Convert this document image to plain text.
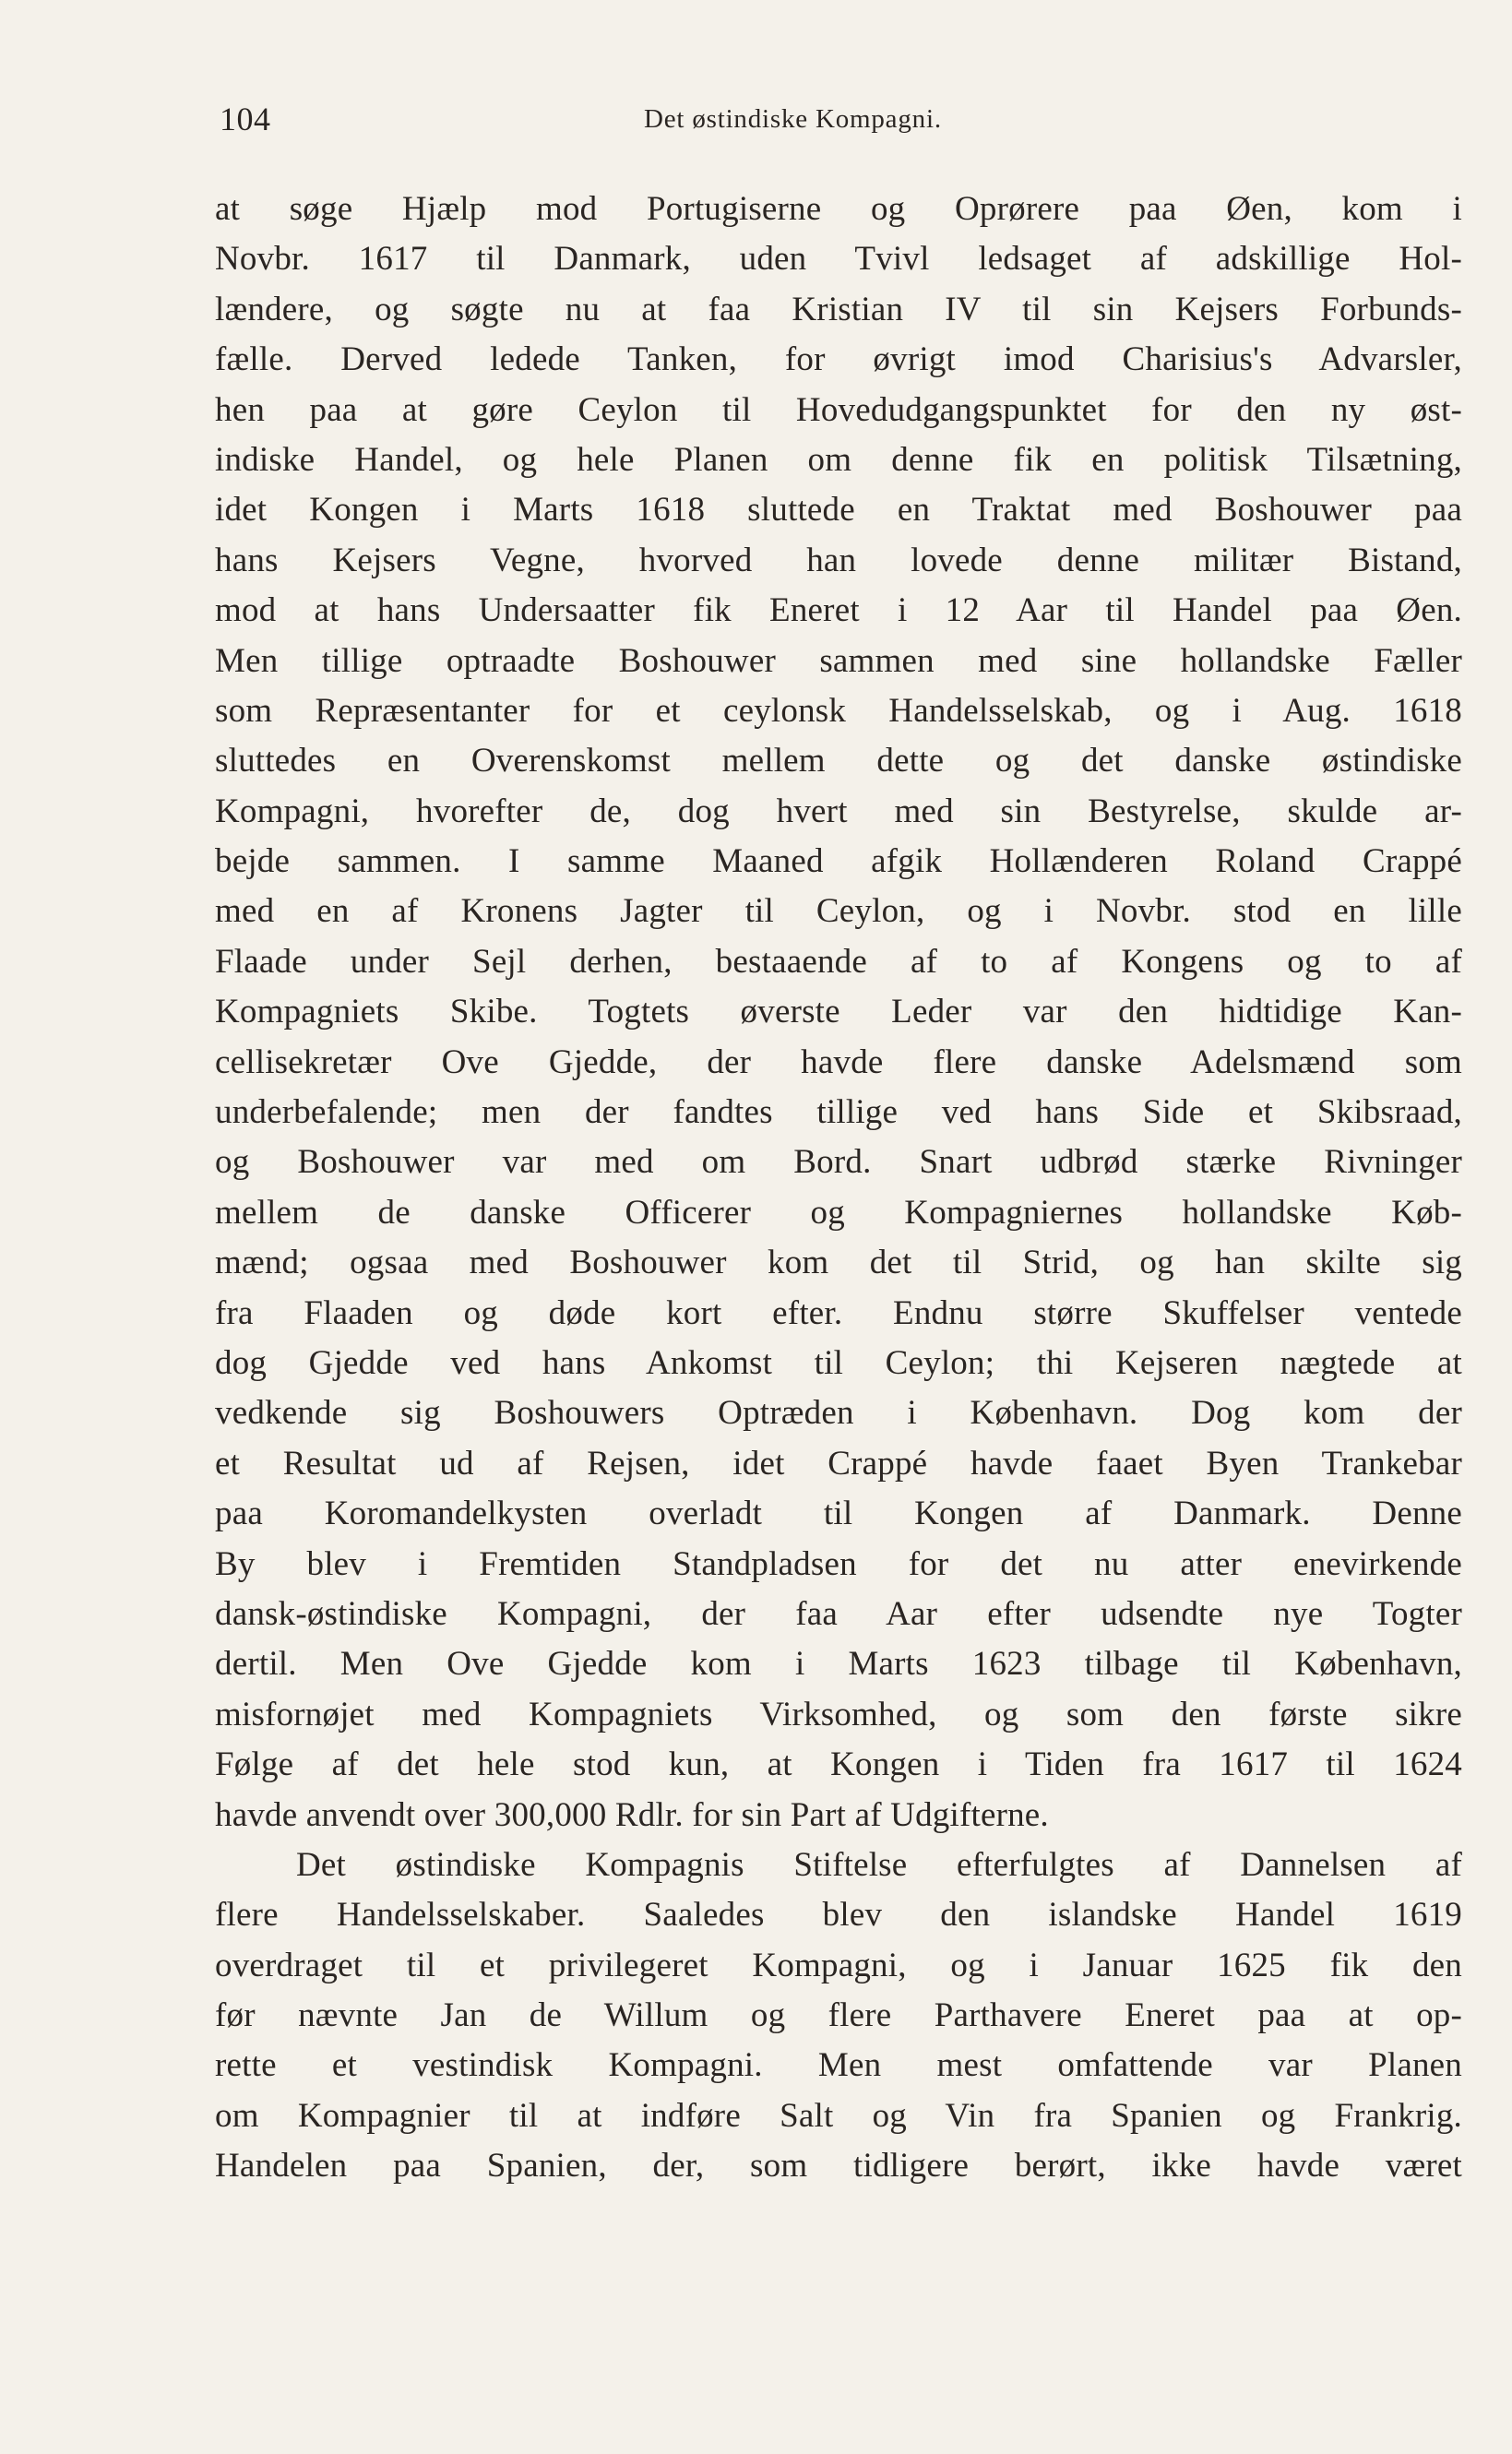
104	Det østindiske Kompagni.
at søge Hjælp mod Portugiserne og Oprørere paa Øen, kom i
Novbr. 1617 til Danmark, uden Tvivl ledsaget af adskillige Hol-
lændere, og søgte nu at faa Kristian IV til sin Kejsers Forbunds-
fælle. Derved ledede Tanken, for øvrigt imod Charisius's Advarsler,
hen paa at gøre Ceylon til Hovedudgangspunktet for den ny øst-
indiske Handel, og hele Planen om denne fik en politisk Tilsætning,
idet Kongen i Marts 1618 sluttede en Traktat med Boshouwer paa
hans Kejsers Vegne, hvorved han lovede denne militær Bistand,
mod at hans Undersaatter fik Eneret i 12 Aar til Handel paa Øen.
Men tillige optraadte Boshouwer sammen med sine hollandske Fæller
som Repræsentanter for et ceylonsk Handelsselskab, og i Aug. 1618
sluttedes en Overenskomst mellem dette og det danske østindiske
Kompagni, hvorefter de, dog hvert med sin Bestyrelse, skulde ar-
bejde sammen. I samme Maaned afgik Hollænderen Roland Crappé
med en af Kronens Jagter til Ceylon, og i Novbr. stod en lille
Flaade under Sejl derhen, bestaaende af to af Kongens og to af
Kompagniets Skibe. Togtets øverste Leder var den hidtidige Kan-
cellisekretær Ove Gjedde, der havde flere danske Adelsmænd som
underbefalende; men der fandtes tillige ved hans Side et Skibsraad,
og Boshouwer var med om Bord. Snart udbrød stærke Rivninger
mellem de danske Officerer og Kompagniernes hollandske Køb-
mænd; ogsaa med Boshouwer kom det til Strid, og han skilte sig
fra Flaaden og døde kort efter. Endnu større Skuffelser ventede
dog Gjedde ved hans Ankomst til Ceylon; thi Kejseren nægtede at
vedkende sig Boshouwers Optræden i København. Dog kom der
et Resultat ud af Rejsen, idet Crappé havde faaet Byen Trankebar
paa Koromandelkysten overladt til Kongen af Danmark. Denne
By blev i Fremtiden Standpladsen for det nu atter enevirkende
dansk-østindiske Kompagni, der faa Aar efter udsendte nye Togter
dertil. Men Ove Gjedde kom i Marts 1623 tilbage til København,
misfornøjet med Kompagniets Virksomhed, og som den første sikre
Følge af det hele stod kun, at Kongen i Tiden fra 1617 til 1624
havde anvendt over 300,000 Rdlr. for sin Part af Udgifterne.
Det østindiske Kompagnis Stiftelse efterfulgtes af Dannelsen af
flere Handelsselskaber. Saaledes blev den islandske Handel 1619
overdraget til et privilegeret Kompagni, og i Januar 1625 fik den
før nævnte Jan de Willum og flere Parthavere Eneret paa at op-
rette et vestindisk Kompagni. Men mest omfattende var Planen
om Kompagnier til at indføre Salt og Vin fra Spanien og Frankrig.
Handelen paa Spanien, der, som tidligere berørt, ikke havde været
